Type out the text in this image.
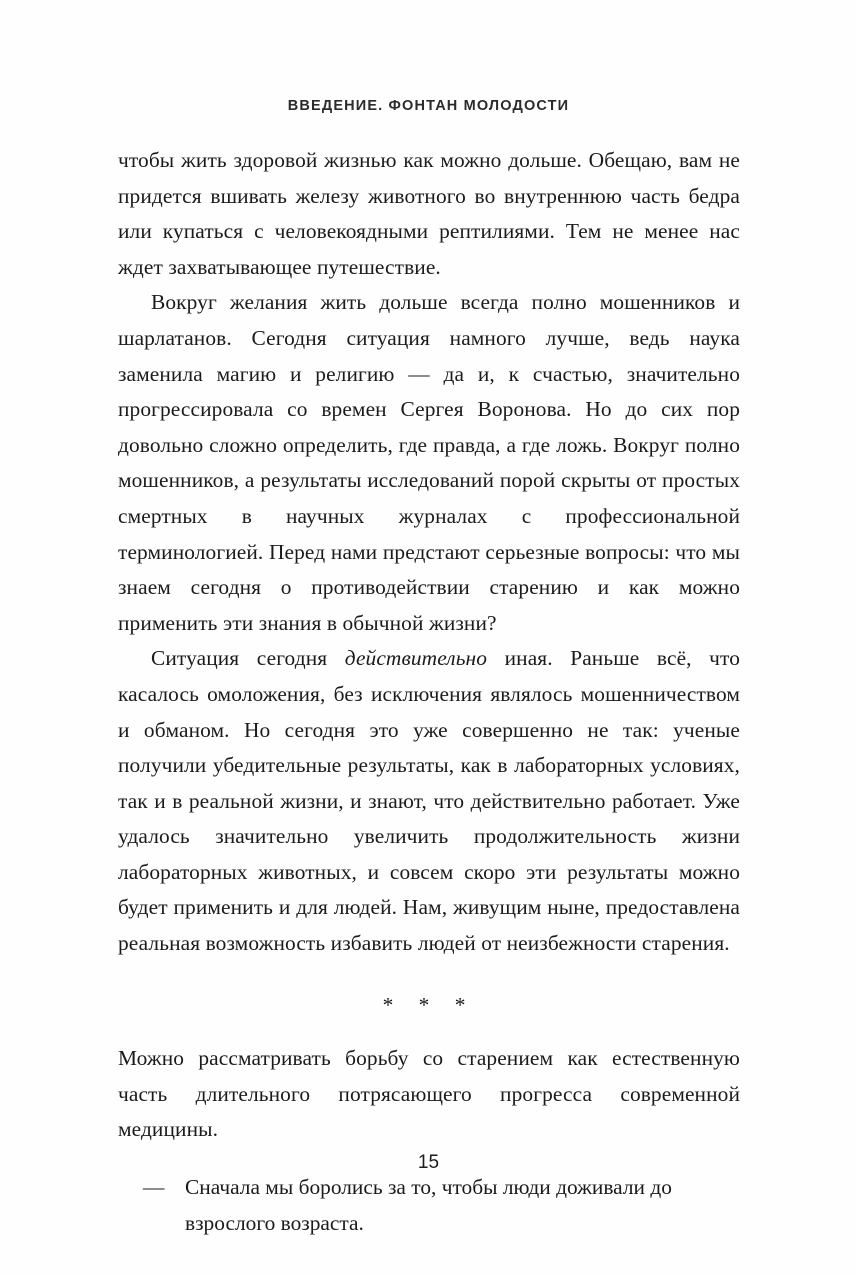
ВВЕДЕНИЕ. ФОНТАН МОЛОДОСТИ

чтобы жить здоровой жизнью как можно дольше. Обещаю, вам не придется вшивать железу животного во внутреннюю часть бедра или купаться с человекоядными рептилиями. Тем не менее нас ждет захватывающее путешествие.

Вокруг желания жить дольше всегда полно мошенников и шарлатанов. Сегодня ситуация намного лучше, ведь наука заменила магию и религию — да и, к счастью, значительно прогрессировала со времен Сергея Воронова. Но до сих пор довольно сложно определить, где правда, а где ложь. Вокруг полно мошенников, а результаты исследований порой скрыты от простых смертных в научных журналах с профессиональной терминологией. Перед нами предстают серьезные вопросы: что мы знаем сегодня о противодействии старению и как можно применить эти знания в обычной жизни?

Ситуация сегодня действительно иная. Раньше всё, что касалось омоложения, без исключения являлось мошенничеством и обманом. Но сегодня это уже совершенно не так: ученые получили убедительные результаты, как в лабораторных условиях, так и в реальной жизни, и знают, что действительно работает. Уже удалось значительно увеличить продолжительность жизни лабораторных животных, и совсем скоро эти результаты можно будет применить и для людей. Нам, живущим ныне, предоставлена реальная возможность избавить людей от неизбежности старения.

* * *

Можно рассматривать борьбу со старением как естественную часть длительного потрясающего прогресса современной медицины.

— Сначала мы боролись за то, чтобы люди доживали до взрослого возраста.
15
